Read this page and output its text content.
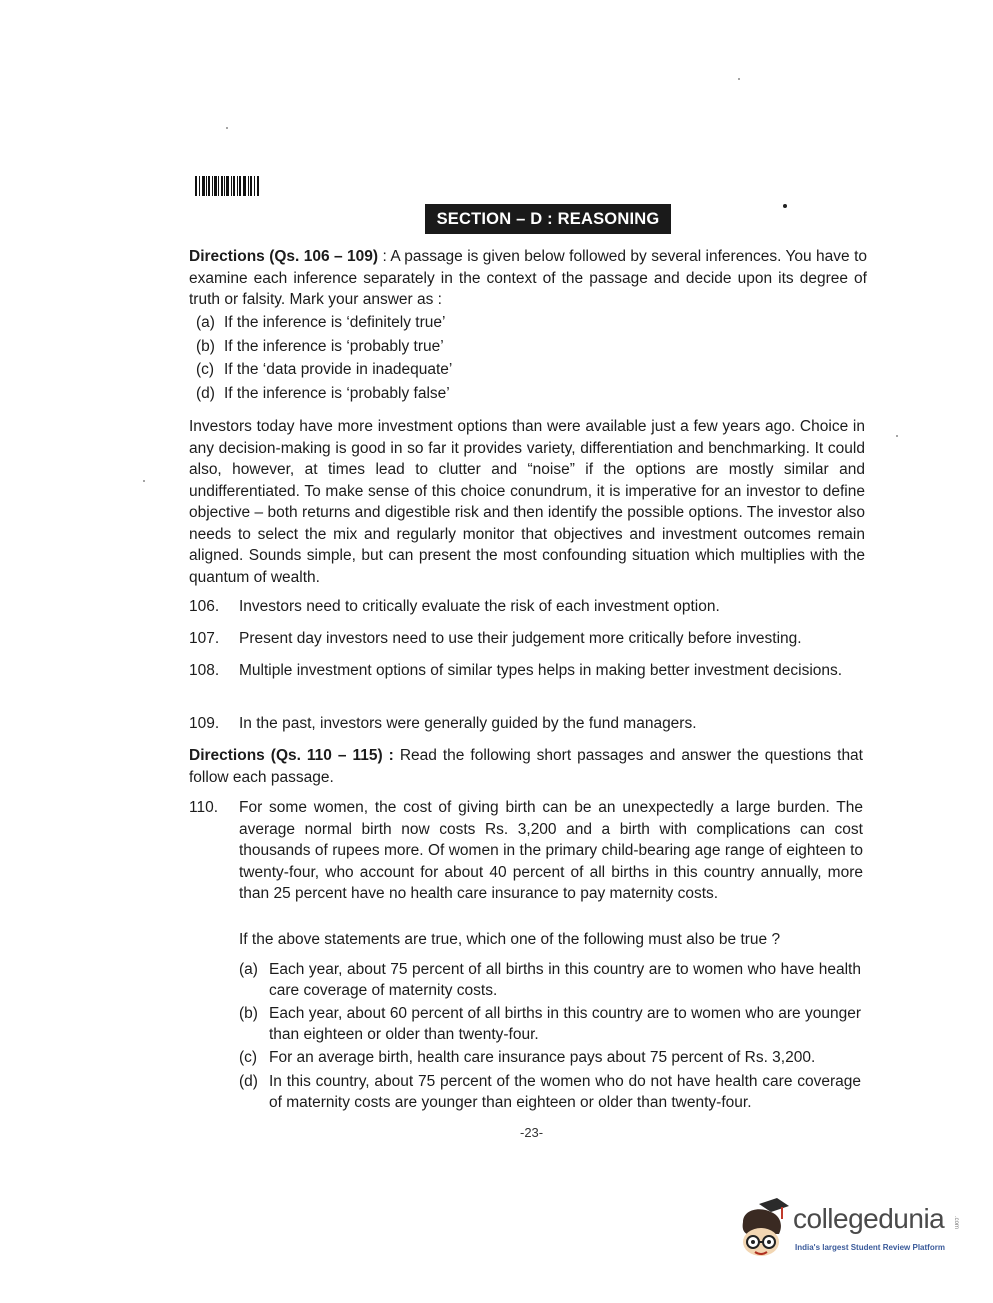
SECTION – D : REASONING
Directions (Qs. 106 – 109) : A passage is given below followed by several inferences. You have to examine each inference separately in the context of the passage and decide upon its degree of truth or falsity. Mark your answer as :
(a) If the inference is ‘definitely true’
(b) If the inference is ‘probably true’
(c) If the ‘data provide in inadequate’
(d) If the inference is ‘probably false’
Investors today have more investment options than were available just a few years ago. Choice in any decision-making is good in so far it provides variety, differentiation and benchmarking. It could also, however, at times lead to clutter and “noise” if the options are mostly similar and undifferentiated. To make sense of this choice conundrum, it is imperative for an investor to define objective – both returns and digestible risk and then identify the possible options. The investor also needs to select the mix and regularly monitor that objectives and investment outcomes remain aligned. Sounds simple, but can present the most confounding situation which multiplies with the quantum of wealth.
106.	Investors need to critically evaluate the risk of each investment option.
107.	Present day investors need to use their judgement more critically before investing.
108.	Multiple investment options of similar types helps in making better investment decisions.
109.	In the past, investors were generally guided by the fund managers.
Directions (Qs. 110 – 115) : Read the following short passages and answer the questions that follow each passage.
110.	For some women, the cost of giving birth can be an unexpectedly a large burden. The average normal birth now costs Rs. 3,200 and a birth with complications can cost thousands of rupees more. Of women in the primary child-bearing age range of eighteen to twenty-four, who account for about 40 percent of all births in this country annually, more than 25 percent have no health care insurance to pay maternity costs.
If the above statements are true, which one of the following must also be true ?
(a) Each year, about 75 percent of all births in this country are to women who have health care coverage of maternity costs.
(b) Each year, about 60 percent of all births in this country are to women who are younger than eighteen or older than twenty-four.
(c) For an average birth, health care insurance pays about 75 percent of Rs. 3,200.
(d) In this country, about 75 percent of the women who do not have health care coverage of maternity costs are younger than eighteen or older than twenty-four.
-23-
collegedunia .com
India's largest Student Review Platform
